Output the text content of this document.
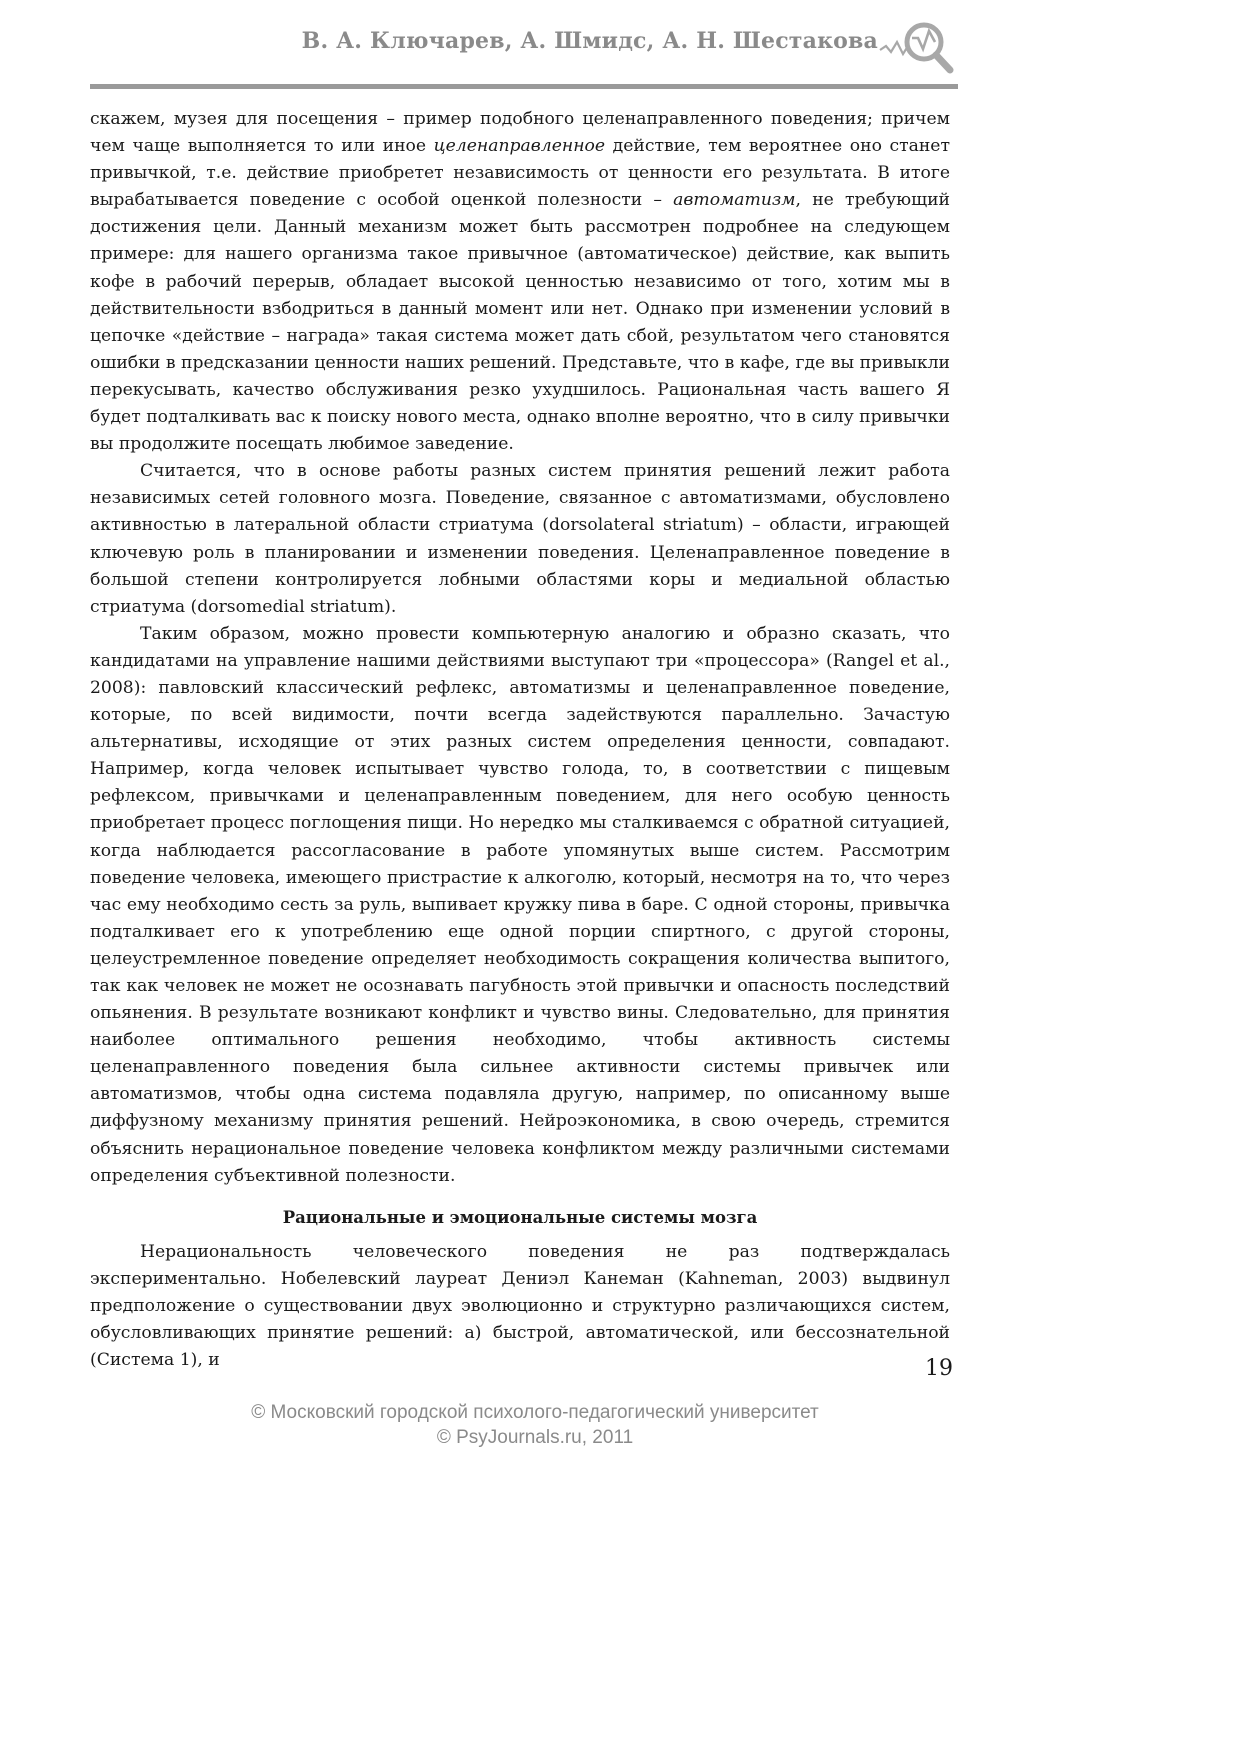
В. А. Ключарев, А. Шмидс, А. Н. Шестакова

скажем, музея для посещения – пример подобного целенаправленного поведения; причем чем чаще выполняется то или иное целенаправленное действие, тем вероятнее оно станет привычкой, т.е. действие приобретет независимость от ценности его результата. В итоге вырабатывается поведение с особой оценкой полезности – автоматизм, не требующий достижения цели. Данный механизм может быть рассмотрен подробнее на следующем примере: для нашего организма такое привычное (автоматическое) действие, как выпить кофе в рабочий перерыв, обладает высокой ценностью независимо от того, хотим мы в действительности взбодриться в данный момент или нет. Однако при изменении условий в цепочке «действие – награда» такая система может дать сбой, результатом чего становятся ошибки в предсказании ценности наших решений. Представьте, что в кафе, где вы привыкли перекусывать, качество обслуживания резко ухудшилось. Рациональная часть вашего Я будет подталкивать вас к поиску нового места, однако вполне вероятно, что в силу привычки вы продолжите посещать любимое заведение.

Считается, что в основе работы разных систем принятия решений лежит работа независимых сетей головного мозга. Поведение, связанное с автоматизмами, обусловлено активностью в латеральной области стриатума (dorsolateral striatum) – области, играющей ключевую роль в планировании и изменении поведения. Целенаправленное поведение в большой степени контролируется лобными областями коры и медиальной областью стриатума (dorsomedial striatum).

Таким образом, можно провести компьютерную аналогию и образно сказать, что кандидатами на управление нашими действиями выступают три «процессора» (Rangel et al., 2008): павловский классический рефлекс, автоматизмы и целенаправленное поведение, которые, по всей видимости, почти всегда задействуются параллельно. Зачастую альтернативы, исходящие от этих разных систем определения ценности, совпадают. Например, когда человек испытывает чувство голода, то, в соответствии с пищевым рефлексом, привычками и целенаправленным поведением, для него особую ценность приобретает процесс поглощения пищи. Но нередко мы сталкиваемся с обратной ситуацией, когда наблюдается рассогласование в работе упомянутых выше систем. Рассмотрим поведение человека, имеющего пристрастие к алкоголю, который, несмотря на то, что через час ему необходимо сесть за руль, выпивает кружку пива в баре. С одной стороны, привычка подталкивает его к употреблению еще одной порции спиртного, с другой стороны, целеустремленное поведение определяет необходимость сокращения количества выпитого, так как человек не может не осознавать пагубность этой привычки и опасность последствий опьянения. В результате возникают конфликт и чувство вины. Следовательно, для принятия наиболее оптимального решения необходимо, чтобы активность системы целенаправленного поведения была сильнее активности системы привычек или автоматизмов, чтобы одна система подавляла другую, например, по описанному выше диффузному механизму принятия решений. Нейроэкономика, в свою очередь, стремится объяснить нерациональное поведение человека конфликтом между различными системами определения субъективной полезности.

Рациональные и эмоциональные системы мозга

Нерациональность человеческого поведения не раз подтверждалась экспериментально. Нобелевский лауреат Дениэл Канеман (Kahneman, 2003) выдвинул предположение о существовании двух эволюционно и структурно различающихся систем, обусловливающих принятие решений: а) быстрой, автоматической, или бессознательной (Система 1), и	19
© Московский городской психолого-педагогический университет
© PsyJournals.ru, 2011
